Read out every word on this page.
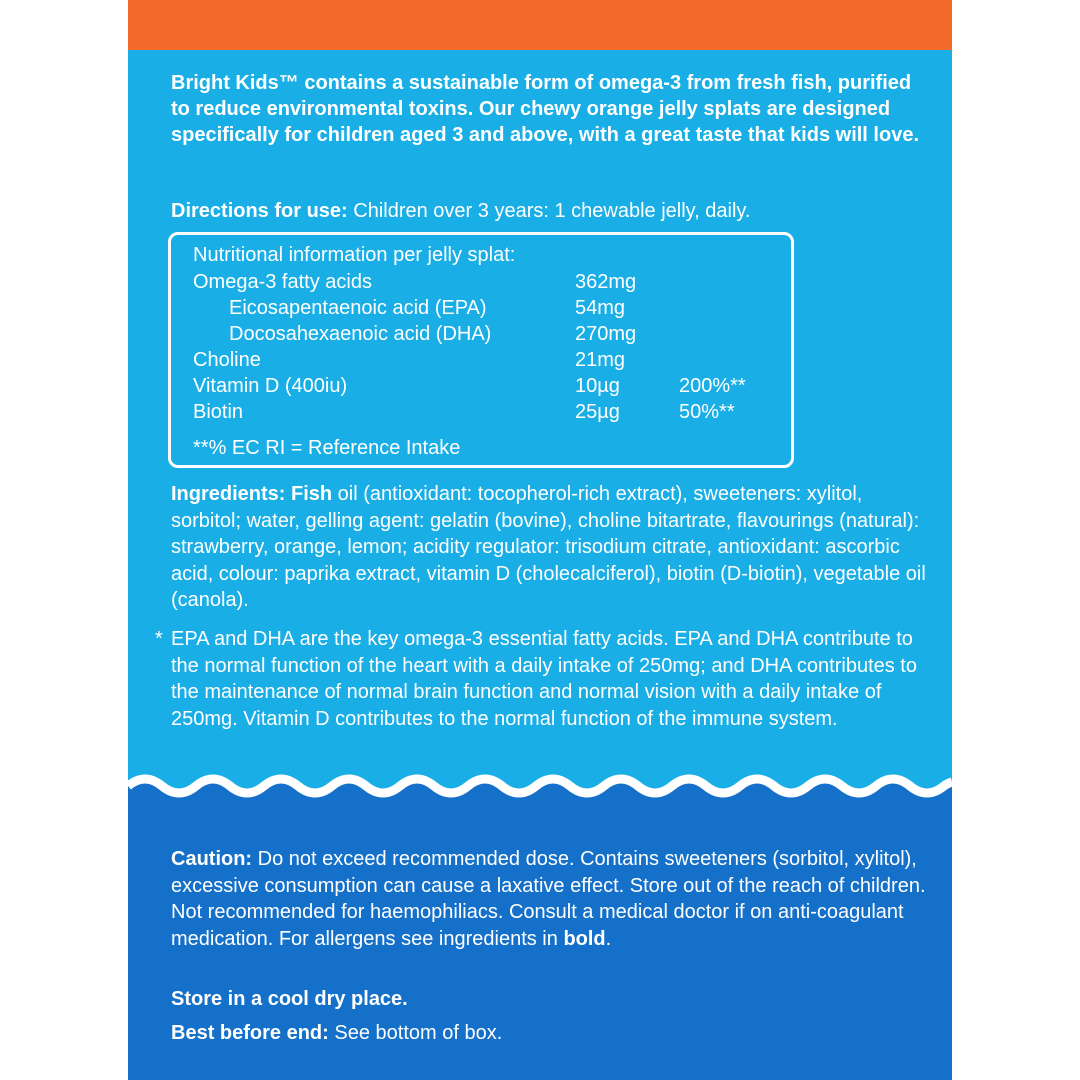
Bright Kids™ contains a sustainable form of omega-3 from fresh fish, purified to reduce environmental toxins. Our chewy orange jelly splats are designed specifically for children aged 3 and above, with a great taste that kids will love.

Directions for use: Children over 3 years: 1 chewable jelly, daily.

Nutritional information per jelly splat:
Omega-3 fatty acids	362mg
Eicosapentaenoic acid (EPA)	54mg
Docosahexaenoic acid (DHA)	270mg
Choline	21mg
Vitamin D (400iu)	10µg	200%**
Biotin	25µg	50%**
**% EC RI = Reference Intake

Ingredients: Fish oil (antioxidant: tocopherol-rich extract), sweeteners: xylitol, sorbitol; water, gelling agent: gelatin (bovine), choline bitartrate, flavourings (natural): strawberry, orange, lemon; acidity regulator: trisodium citrate, antioxidant: ascorbic acid, colour: paprika extract, vitamin D (cholecalciferol), biotin (D-biotin), vegetable oil (canola).

* EPA and DHA are the key omega-3 essential fatty acids. EPA and DHA contribute to the normal function of the heart with a daily intake of 250mg; and DHA contributes to the maintenance of normal brain function and normal vision with a daily intake of 250mg. Vitamin D contributes to the normal function of the immune system.

Caution: Do not exceed recommended dose. Contains sweeteners (sorbitol, xylitol), excessive consumption can cause a laxative effect. Store out of the reach of children. Not recommended for haemophiliacs. Consult a medical doctor if on anti-coagulant medication. For allergens see ingredients in bold.

Store in a cool dry place.

Best before end: See bottom of box.
